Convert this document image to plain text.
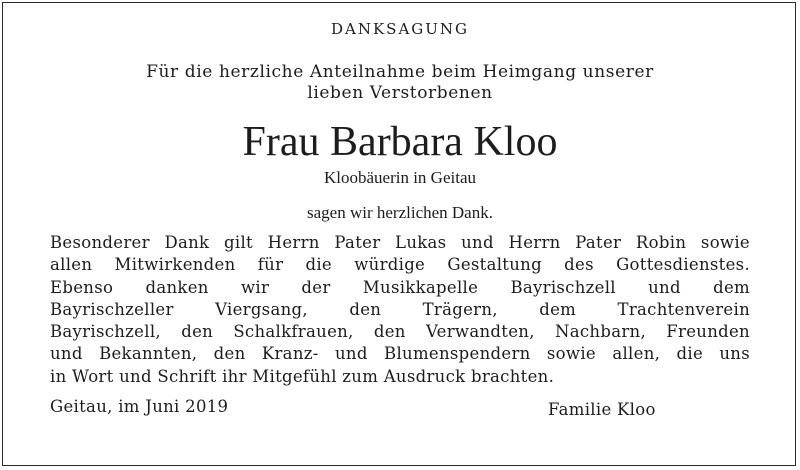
DANKSAGUNG
Für die herzliche Anteilnahme beim Heimgang unserer
lieben Verstorbenen
Frau Barbara Kloo
Kloobäuerin in Geitau
sagen wir herzlichen Dank.
Besonderer Dank gilt Herrn Pater Lukas und Herrn Pater Robin sowie
allen Mitwirkenden für die würdige Gestaltung des Gottesdienstes.
Ebenso danken wir der Musikkapelle Bayrischzell und dem
Bayrischzeller Viergsang, den Trägern, dem Trachtenverein
Bayrischzell, den Schalkfrauen, den Verwandten, Nachbarn, Freunden
und Bekannten, den Kranz- und Blumenspendern sowie allen, die uns
in Wort und Schrift ihr Mitgefühl zum Ausdruck brachten.
Geitau, im Juni 2019	Familie Kloo
